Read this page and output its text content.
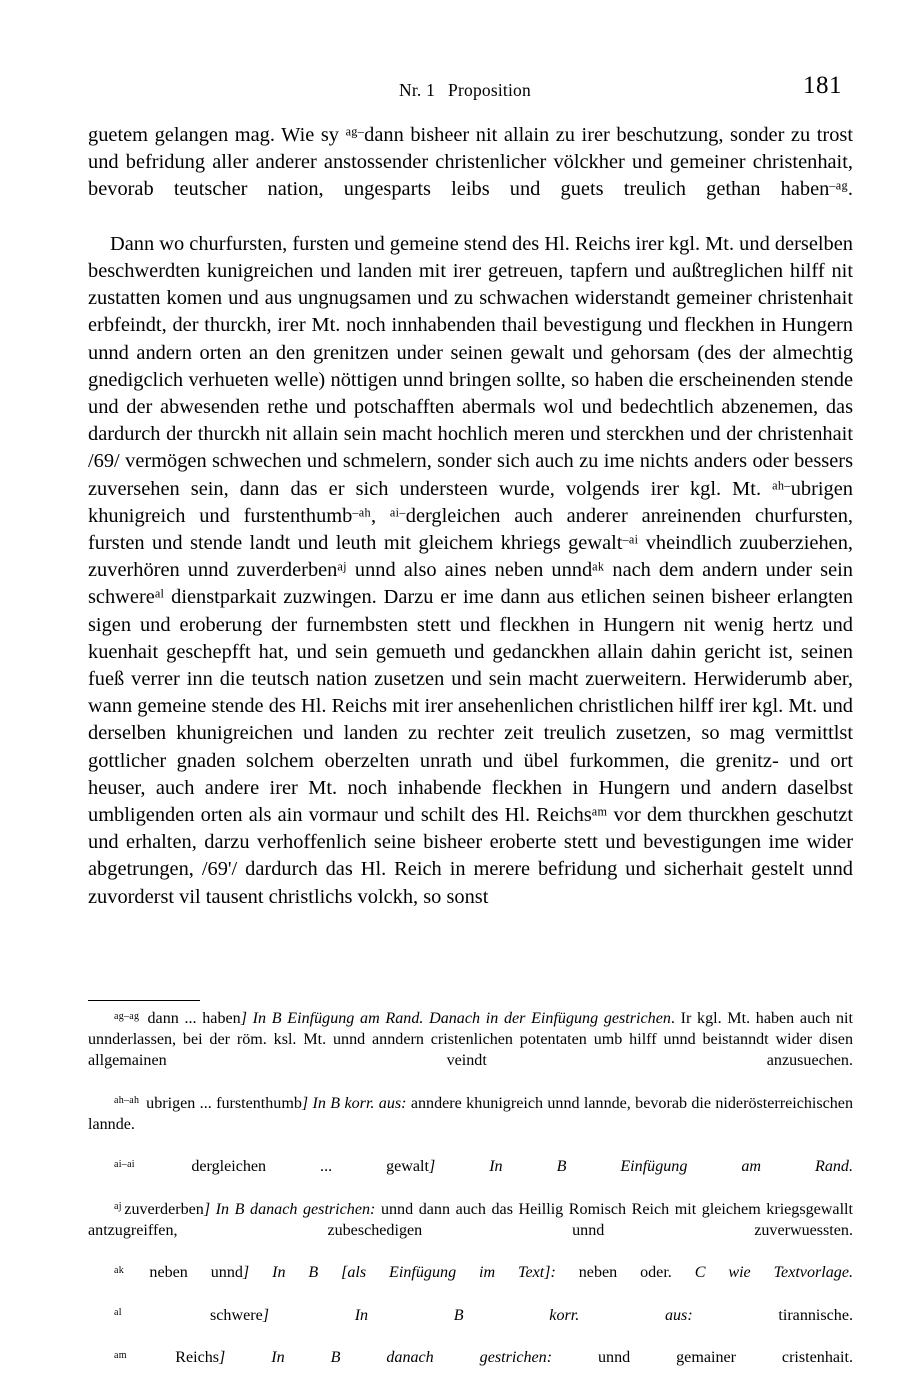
Nr. 1 Proposition	181

guetem gelangen mag. Wie sy $^{ag-}$dann bisheer nit allain zu irer beschutzung, sonder zu trost und befridung aller anderer anstossender christenlicher völckher und gemeiner christenhait, bevorab teutscher nation, ungesparts leibs und guets treulich gethan haben$^{-ag}$.

Dann wo churfursten, fursten und gemeine stend des Hl. Reichs irer kgl. Mt. und derselben beschwerdten kunigreichen und landen mit irer getreuen, tapfern und außtreglichen hilff nit zustatten komen und aus ungnugsamen und zu schwachen widerstandt gemeiner christenhait erbfeindt, der thurckh, irer Mt. noch innhabenden thail bevestigung und fleckhen in Hungern unnd andern orten an den grenitzen under seinen gewalt und gehorsam (des der almechtig gnedigclich verhueten welle) nöttigen unnd bringen sollte, so haben die erscheinenden stende und der abwesenden rethe und potschafften abermals wol und bedechtlich abzenemen, das dardurch der thurckh nit allain sein macht hochlich meren und sterckhen und der christenhait /69/ vermögen schwechen und schmelern, sonder sich auch zu ime nichts anders oder bessers zuversehen sein, dann das er sich understeen wurde, volgends irer kgl. Mt. $^{ah-}$ubrigen khunigreich und furstenthumb$^{-ah}$, $^{ai-}$dergleichen auch anderer anreinenden churfursten, fursten und stende landt und leuth mit gleichem khriegs gewalt$^{-ai}$ vheindlich zuuberziehen, zuverhören unnd zuverderben$^{aj}$ unnd also aines neben unnd$^{ak}$ nach dem andern under sein schwere$^{al}$ dienstparkait zuzwingen. Darzu er ime dann aus etlichen seinen bisheer erlangten sigen und eroberung der furnembsten stett und fleckhen in Hungern nit wenig hertz und kuenhait geschepfft hat, und sein gemueth und gedanckhen allain dahin gericht ist, seinen fueß verrer inn die teutsch nation zusetzen und sein macht zuerweitern. Herwiderumb aber, wann gemeine stende des Hl. Reichs mit irer ansehenlichen christlichen hilff irer kgl. Mt. und derselben khunigreichen und landen zu rechter zeit treulich zusetzen, so mag vermittlst gottlicher gnaden solchem oberzelten unrath und übel furkommen, die grenitz- und ort heuser, auch andere irer Mt. noch inhabende fleckhen in Hungern und andern daselbst umbligenden orten als ain vormaur und schilt des Hl. Reichs$^{am}$ vor dem thurckhen geschutzt und erhalten, darzu verhoffenlich seine bisheer eroberte stett und bevestigungen ime wider abgetrungen, /69'/ dardurch das Hl. Reich in merere befridung und sicherhait gestelt unnd zuvorderst vil tausent christlichs volckh, so sonst

$^{ag-ag}$ dann ... haben] In B Einfügung am Rand. Danach in der Einfügung gestrichen. Ir kgl. Mt. haben auch nit unnderlassen, bei der röm. ksl. Mt. unnd anndern cristenlichen potentaten umb hilff unnd beistanndt wider disen allgemainen veindt anzusuechen.

$^{ah-ah}$ ubrigen ... furstenthumb] In B korr. aus: anndere khunigreich unnd lannde, bevorab die niderösterreichischen lannde.

$^{ai-ai}$ dergleichen ... gewalt] In B Einfügung am Rand.

$^{aj}$ zuverderben] In B danach gestrichen: unnd dann auch das Heillig Romisch Reich mit gleichem kriegsgewallt antzugreiffen, zubeschedigen unnd zuverwuessten.

$^{ak}$ neben unnd] In B [als Einfügung im Text]: neben oder. C wie Textvorlage.

$^{al}$ schwere] In B korr. aus: tirannische.

$^{am}$ Reichs] In B danach gestrichen: unnd gemainer cristenhait.
